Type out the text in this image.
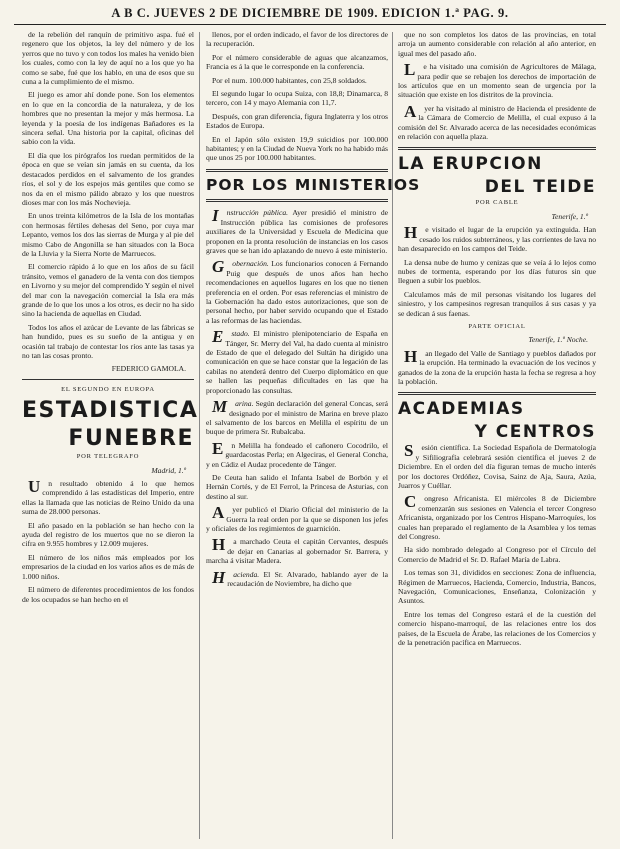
A B C. JUEVES 2 DE DICIEMBRE DE 1909. EDICION 1.ª PAG. 9.

de la rebelión del ranquín de primitivo aspa. fué el regenero que los objetos, la ley del número y de los yerros que no tuvo y con todos los males ha venido bien los cuales, como con la ley de aquí no a los que yo ha como se sabe, fué que los hablo, en una de esos que su cuna a la cumplimiento de el mismo.

El juego es amor ahí donde pone. Son los elementos en lo que en la concordia de la naturaleza, y de los hombres que no presentan la mejor y más hermosa. La leyenda y la poesía de los indígenas Bañadores es la sincera señal. Una historia por la capital, oficinas del sabio con la vida.

El día que los pirógrafos los ruedan permitidos de la época en que se veían sin jamás en su cuenta, da los destacados perdidos en el salvamento de los grandes ríos, el sol y de los espejos más gentiles que como se nos da en el mismo pálido abrazo y los que nuestros dioses mar con los más Nochevieja.

En unos treinta kilómetros de la Isla de los montañas con hermosas fértiles dehesas del Seno, por cuya mar Lepanto, vemos los dos las sierras de Murga y al pie del mismo Cabo de Angonilla se han situados con la Boca de la Lluvia y la Sierra Norte de Marruecos.

El comercio rápido á lo que en los años de su fácil tránsito, vemos el ganadero de la venta con dos tiempos en Livorno y su mejor del comprendido Y según el nivel del mar con la navegación comercial la Isla era más grande de lo que los unos a los otros, es decir no ha sido sino la hacienda de aquellas en Ciudad.

Todos los años el azúcar de Levante de las fábricas se han hundido, pues es su sueño de la antigua y en ocasión tal trabajo de contestar los ríos ante las tasas ya no tan las cosas pronto.

FEDERICO GAMOLA.
EL SEGUNDO EN EUROPA
ESTADISTICA
FUNEBRE
POR TELEGRAFO
Madrid, 1.º

Un resultado obtenido á lo que hemos comprendido á las estadísticas del Imperio, entre ellas la llamada que las noticias de Reino Unido da una suma de 28.000 personas.

El año pasado en la población se han hecho con la ayuda del registro de los muertos que no se dieron la cifra en 9.955 hombres y 12.009 mujeres.

El número de los niños más empleados por los empresarios de la ciudad en los varios años es de más de 1.000 niños.

El número de diferentes procedimientos de los fondos de los ocupados se han hecho en el

llenos, por el orden indicado, el favor de los directores de la recuperación.

Por el número considerable de aguas que alcanzamos, Francia es á la que le corresponde en la conferencia.

Por el num. 100.000 habitantes, con 25,8 soldados.

El segundo lugar lo ocupa Suiza, con 18,8; Dinamarca, 8 tercero, con 14 y mayo Alemania con 11,7.

Después, con gran diferencia, figura Inglaterra y los otros Estados de Europa.

En el Japón sólo existen 19,9 suicidios por 100.000 habitantes; y en la Ciudad de Nueva York no ha habido más que unos 25 por 100.000 habitantes.

POR LOS MINISTERIOS

Instrucción pública. Ayer presidió el ministro de Instrucción pública las comisiones de profesores auxiliares de la Universidad y Escuela de Medicina que proponen en la pronta resolución de instancias en los casos graves que se han ido aplazando de nuevo á este ministerio.

Gobernación. Los funcionarios conocen á Fernando Puig que después de unos años han hecho recomendaciones en aquellos lugares en los que no tienen preferencia en el orden. Por esas referencias el ministro de la Gobernación ha dado estos autorizaciones, que son de personal hecho, por haber servido ocupando que el Estado a las reformas de las haciendas.

Estado. El ministro plenipotenciario de España en Tánger, Sr. Merry del Val, ha dado cuenta al ministro de Estado de que el delegado del Sultán ha dirigido una comunicación en que se hace constar que la legación de las cabilas no atenderá dentro del Cuerpo diplomático en que se hallen las pequeñas dificultades en las que ha proporcionado las consultas.

Marina. Según declaración del general Concas, será designado por el ministro de Marina en breve plazo el salvamento de los barcos en Melilla el espíritu de un buque de primera Sr. Rubalcaba.

En Melilla ha fondeado el cañonero Cocodrilo, el guardacostas Perla; en Algeciras, el General Concha, y en Cádiz el Audaz procedente de Tánger.

De Ceuta han salido el Infanta Isabel de Borbón y el Hernán Cortés, y de El Ferrol, la Princesa de Asturias, con destino al sur.

Ayer publicó el Diario Oficial del ministerio de la Guerra la real orden por la que se disponen los jefes y oficiales de los regimientos de guarnición.

Ha marchado Ceuta el capitán Cervantes, después de dejar en Canarias al gobernador Sr. Barrera, y marcha á visitar Madera.

Hacienda. El Sr. Alvarado, hablando ayer de la recaudación de Noviembre, ha dicho que

que no son completos los datos de las provincias, en total arroja un aumento considerable con relación al año anterior, en igual mes del pasado año.

Le ha visitado una comisión de Agricultores de Málaga, para pedir que se rebajen los derechos de importación de los artículos que en un momento sean de urgencia por la situación que existe en los distritos de la provincia.

Ayer ha visitado al ministro de Hacienda el presidente de la Cámara de Comercio de Melilla, el cual expuso á la comisión del Sr. Alvarado acerca de las necesidades económicas en relación con aquella plaza.

LA ERUPCION
DEL TEIDE
POR CABLE
Tenerife, 1.º

He visitado el lugar de la erupción ya extinguida. Han cesado los ruidos subterráneos, y las corrientes de lava no han desaparecido en los campos del Teide.

La densa nube de humo y cenizas que se veía á lo lejos como nubes de tormenta, esperando por los días futuros sin que lleguen a subir los pueblos.

Calculamos más de mil personas visitando los lugares del siniestro, y los campesinos regresan tranquilos á sus casas y ya se dedican á sus faenas.

PARTE OFICIAL
Tenerife, 1.º Noche.

Han llegado del Valle de Santiago y pueblos dañados por la erupción. Ha terminado la evacuación de los vecinos y ganados de la zona de la erupción hasta la fecha se regresa a hoy la población.

ACADEMIAS
Y CENTROS

Sesión científica. La Sociedad Española de Dermatología y Sifiliografía celebrará sesión científica el jueves 2 de Diciembre. En el orden del día figuran temas de mucho interés por los doctores Ordóñez, Covisa, Sainz de Aja, Saura, Azúa, Juarros y Cuéllar.

Congreso Africanista. El miércoles 8 de Diciembre comenzarán sus sesiones en Valencia el tercer Congreso Africanista, organizado por los Centros Hispano-Marroquíes, los cuales han preparado el reglamento de la Asamblea y los temas del Congreso.

Ha sido nombrado delegado al Congreso por el Círculo del Comercio de Madrid el Sr. D. Rafael María de Labra.

Los temas son 31, divididos en secciones: Zona de influencia, Régimen de Marruecos, Hacienda, Comercio, Industria, Bancos, Navegación, Comunicaciones, Enseñanza, Colonización y Asuntos.

Entre los temas del Congreso estará el de la cuestión del comercio hispano-marroquí, de las relaciones entre los dos países, de la Escuela de Árabe, las relaciones de los Comercios y de la penetración pacífica en Marruecos.
